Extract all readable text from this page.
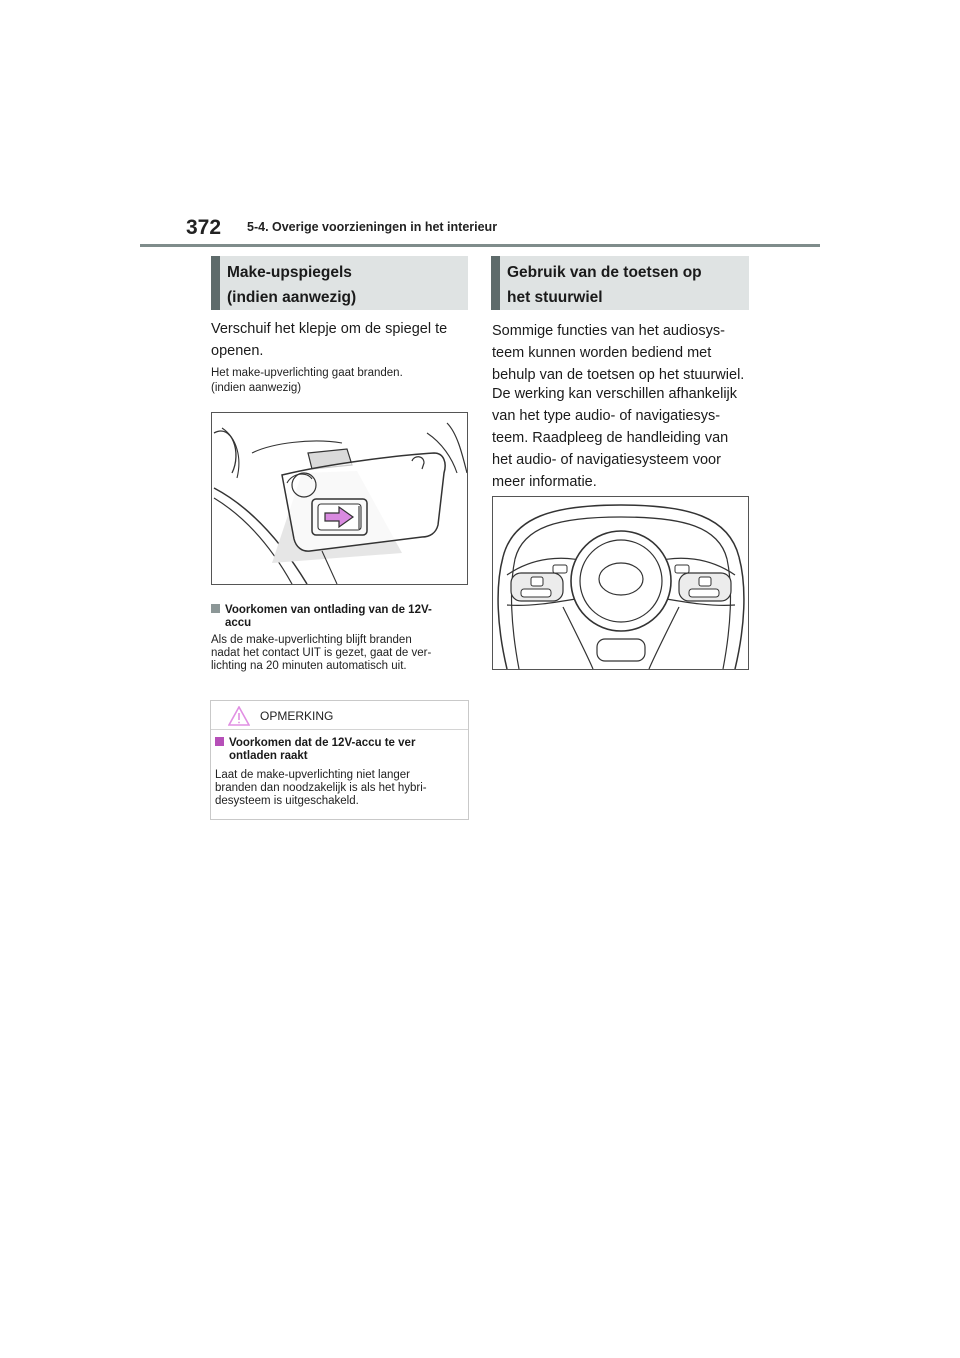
372 5-4. Overige voorzieningen in het interieur
Make-upspiegels
(indien aanwezig)
Gebruik van de toetsen op
het stuurwiel
Verschuif het klepje om de spiegel te
openen.
Het make-upverlichting gaat branden.
(indien aanwezig)
Voorkomen van ontlading van de 12V-
accu
Als de make-upverlichting blijft branden
nadat het contact UIT is gezet, gaat de ver-
lichting na 20 minuten automatisch uit.
OPMERKING
Voorkomen dat de 12V-accu te ver
ontladen raakt
Laat de make-upverlichting niet langer
branden dan noodzakelijk is als het hybri-
desysteem is uitgeschakeld.
Sommige functies van het audiosys-
teem kunnen worden bediend met
behulp van de toetsen op het stuurwiel.
De werking kan verschillen afhankelijk
van het type audio- of navigatiesys-
teem. Raadpleeg de handleiding van
het audio- of navigatiesysteem voor
meer informatie.
